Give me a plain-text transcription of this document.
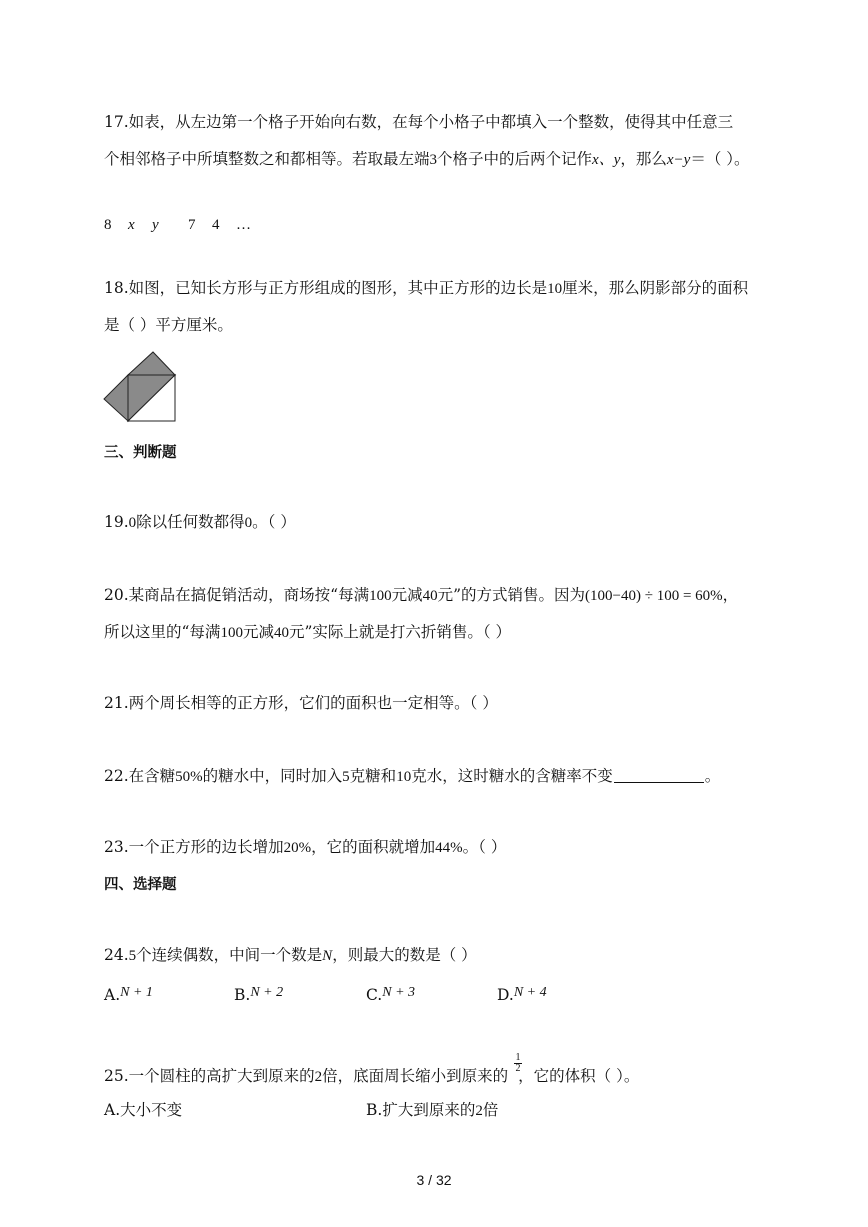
17.如表，从左边第一个格子开始向右数，在每个小格子中都填入一个整数，使得其中任意三
个相邻格子中所填整数之和都相等。若取最左端3个格子中的后两个记作x、y，那么x−y＝（ ）。
8 x y 7 4 …
18.如图，已知长方形与正方形组成的图形，其中正方形的边长是10厘米，那么阴影部分的面积
是（ ）平方厘米。
三、判断题
19.0除以任何数都得0。（ ）
20.某商品在搞促销活动，商场按“每满100元减40元”的方式销售。因为(100−40) ÷ 100 = 60%，
所以这里的“每满100元减40元”实际上就是打六折销售。（ ）
21.两个周长相等的正方形，它们的面积也一定相等。（ ）
22.在含糖50%的糖水中，同时加入5克糖和10克水，这时糖水的含糖率不变	。
23.一个正方形的边长增加20%，它的面积就增加44%。（ ）
四、选择题
24.5个连续偶数，中间一个数是N，则最大的数是（ ）
A.N + 1	B.N + 2	C.N + 3	D.N + 4
25.一个圆柱的高扩大到原来的2倍，底面周长缩小到原来的 ，它的体积（ ）。
$\frac{1}{2}$
A.大小不变	B.扩大到原来的2倍
3 / 32
